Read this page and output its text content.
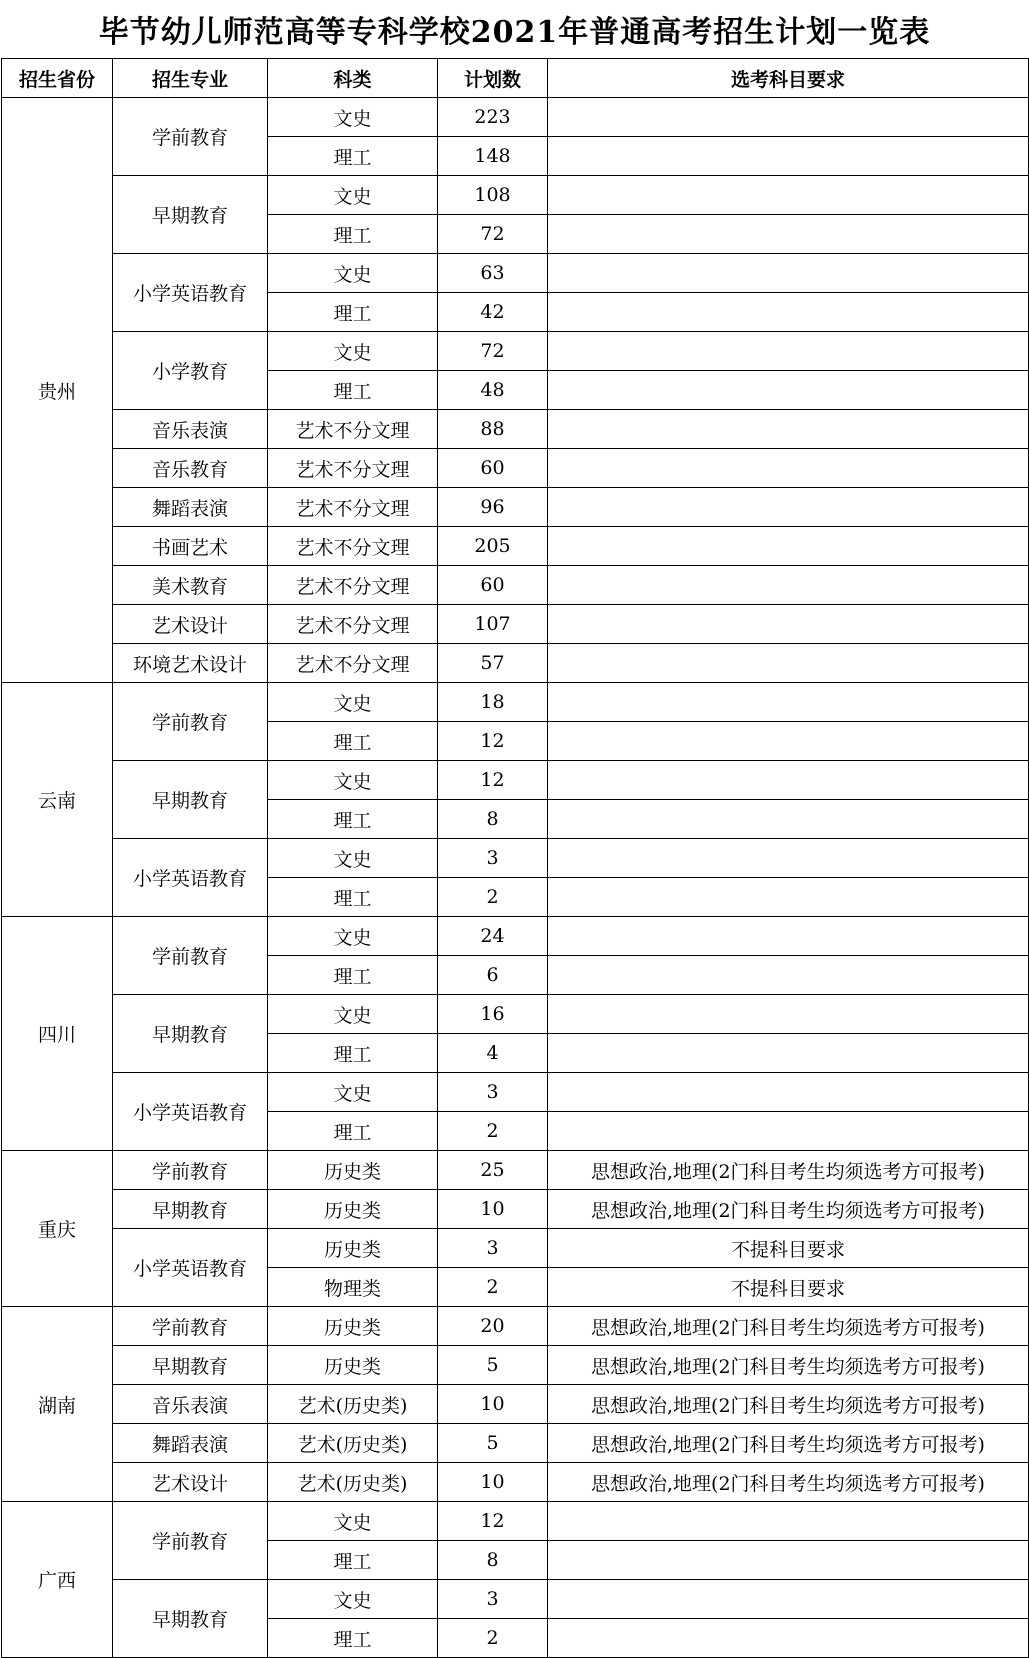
毕节幼儿师范高等专科学校2021年普通高考招生计划一览表
招生省份	招生专业	科类	计划数	选考科目要求
贵州	学前教育	文史	223	
		理工	148	
	早期教育	文史	108	
		理工	72	
	小学英语教育	文史	63	
		理工	42	
	小学教育	文史	72	
		理工	48	
	音乐表演	艺术不分文理	88	
	音乐教育	艺术不分文理	60	
	舞蹈表演	艺术不分文理	96	
	书画艺术	艺术不分文理	205	
	美术教育	艺术不分文理	60	
	艺术设计	艺术不分文理	107	
	环境艺术设计	艺术不分文理	57	
云南	学前教育	文史	18	
		理工	12	
	早期教育	文史	12	
		理工	8	
	小学英语教育	文史	3	
		理工	2	
四川	学前教育	文史	24	
		理工	6	
	早期教育	文史	16	
		理工	4	
	小学英语教育	文史	3	
		理工	2	
重庆	学前教育	历史类	25	思想政治,地理(2门科目考生均须选考方可报考)
	早期教育	历史类	10	思想政治,地理(2门科目考生均须选考方可报考)
	小学英语教育	历史类	3	不提科目要求
		物理类	2	不提科目要求
湖南	学前教育	历史类	20	思想政治,地理(2门科目考生均须选考方可报考)
	早期教育	历史类	5	思想政治,地理(2门科目考生均须选考方可报考)
	音乐表演	艺术(历史类)	10	思想政治,地理(2门科目考生均须选考方可报考)
	舞蹈表演	艺术(历史类)	5	思想政治,地理(2门科目考生均须选考方可报考)
	艺术设计	艺术(历史类)	10	思想政治,地理(2门科目考生均须选考方可报考)
广西	学前教育	文史	12	
		理工	8	
	早期教育	文史	3	
		理工	2	
